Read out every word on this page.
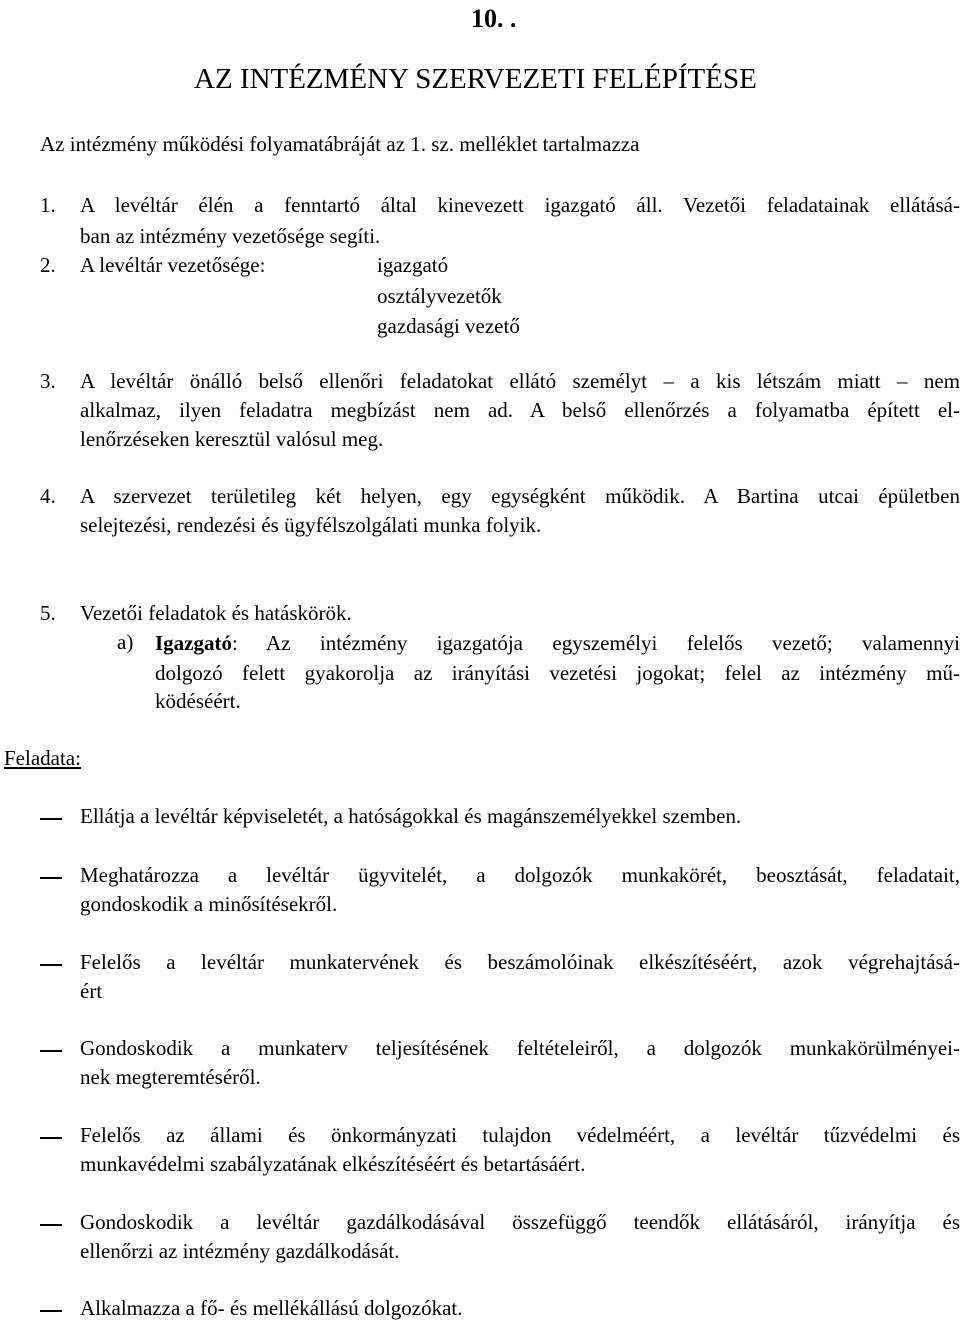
10. .
AZ INTÉZMÉNY SZERVEZETI FELÉPÍTÉSE
Az intézmény működési folyamatábráját az 1. sz. melléklet tartalmazza
1. A levéltár élén a fenntartó által kinevezett igazgató áll. Vezetői feladatainak ellátásá-
ban az intézmény vezetősége segíti.
2. A levéltár vezetősége:	igazgató
osztályvezetők
gazdasági vezető
3. A levéltár önálló belső ellenőri feladatokat ellátó személyt – a kis létszám miatt – nem
alkalmaz, ilyen feladatra megbízást nem ad. A belső ellenőrzés a folyamatba épített el-
lenőrzéseken keresztül valósul meg.
4. A szervezet területileg két helyen, egy egységként működik. A Bartina utcai épületben
selejtezési, rendezési és ügyfélszolgálati munka folyik.
5. Vezetői feladatok és hatáskörök.
a) Igazgató: Az intézmény igazgatója egyszemélyi felelős vezető; valamennyi
dolgozó felett gyakorolja az irányítási vezetési jogokat; felel az intézmény mű-
ködéséért.
Feladata:
Ellátja a levéltár képviseletét, a hatóságokkal és magánszemélyekkel szemben.
Meghatározza a levéltár ügyvitelét, a dolgozók munkakörét, beosztását, feladatait,
gondoskodik a minősítésekről.
Felelős a levéltár munkatervének és beszámolóinak elkészítéséért, azok végrehajtásá-
ért
Gondoskodik a munkaterv teljesítésének feltételeiről, a dolgozók munkakörülményei-
nek megteremtéséről.
Felelős az állami és önkormányzati tulajdon védelméért, a levéltár tűzvédelmi és
munkavédelmi szabályzatának elkészítéséért és betartásáért.
Gondoskodik a levéltár gazdálkodásával összefüggő teendők ellátásáról, irányítja és
ellenőrzi az intézmény gazdálkodását.
Alkalmazza a fő- és mellékállású dolgozókat.
